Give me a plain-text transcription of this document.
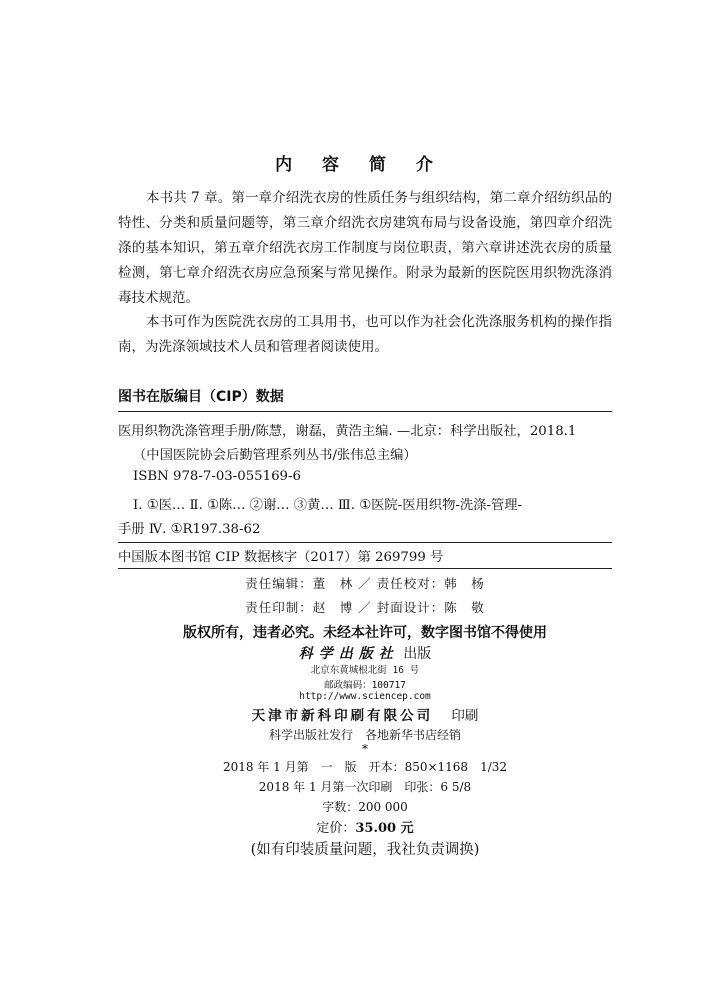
内 容 简 介
本书共 7 章。第一章介绍洗衣房的性质任务与组织结构，第二章介绍纺织品的特性、分类和质量问题等，第三章介绍洗衣房建筑布局与设备设施，第四章介绍洗涤的基本知识，第五章介绍洗衣房工作制度与岗位职责，第六章讲述洗衣房的质量检测，第七章介绍洗衣房应急预案与常见操作。附录为最新的医院医用织物洗涤消毒技术规范。
本书可作为医院洗衣房的工具用书，也可以作为社会化洗涤服务机构的操作指南，为洗涤领域技术人员和管理者阅读使用。
图书在版编目（CIP）数据
医用织物洗涤管理手册/陈慧，谢磊，黄浩主编. —北京：科学出版社，2018.1
（中国医院协会后勤管理系列丛书/张伟总主编）
ISBN 978-7-03-055169-6
Ⅰ. ①医… Ⅱ. ①陈… ②谢… ③黄… Ⅲ. ①医院-医用织物-洗涤-管理-
手册 Ⅳ. ①R197.38-62
中国版本图书馆 CIP 数据核字（2017）第 269799 号
责任编辑：董　林 ／ 责任校对：韩　杨
责任印制：赵　博 ／ 封面设计：陈　敬
版权所有，违者必究。未经本社许可，数字图书馆不得使用
科学出版社 出版
北京东黄城根北街 16 号
邮政编码：100717
http://www.sciencep.com
天津市新科印刷有限公司 印刷
科学出版社发行　各地新华书店经销
*
2018 年 1 月第　一　版　开本：850×1168　1/32
2018 年 1 月第一次印刷　印张：6 5/8
字数：200 000
定价：35.00 元
(如有印装质量问题，我社负责调换)
